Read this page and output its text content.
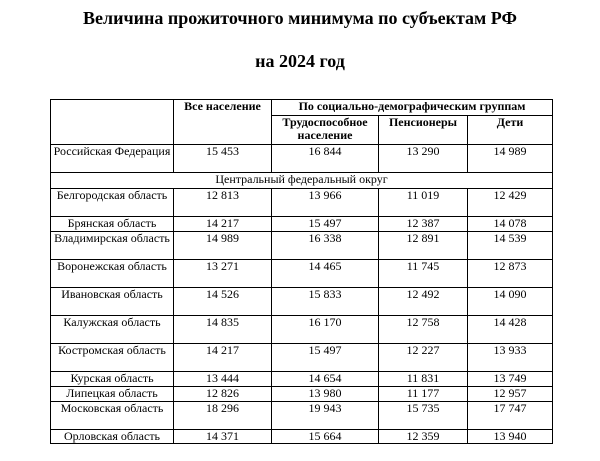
Величина прожиточного минимума по субъектам РФ
на 2024 год
	Все население	По социально-демографическим группам		
		Трудоспособное население	Пенсионеры	Дети
Российская Федерация	15 453	16 844	13 290	14 989
Центральный федеральный округ				
Белгородская область	12 813	13 966	11 019	12 429
Брянская область	14 217	15 497	12 387	14 078
Владимирская область	14 989	16 338	12 891	14 539
Воронежская область	13 271	14 465	11 745	12 873
Ивановская область	14 526	15 833	12 492	14 090
Калужская область	14 835	16 170	12 758	14 428
Костромская область	14 217	15 497	12 227	13 933
Курская область	13 444	14 654	11 831	13 749
Липецкая область	12 826	13 980	11 177	12 957
Московская область	18 296	19 943	15 735	17 747
Орловская область	14 371	15 664	12 359	13 940
